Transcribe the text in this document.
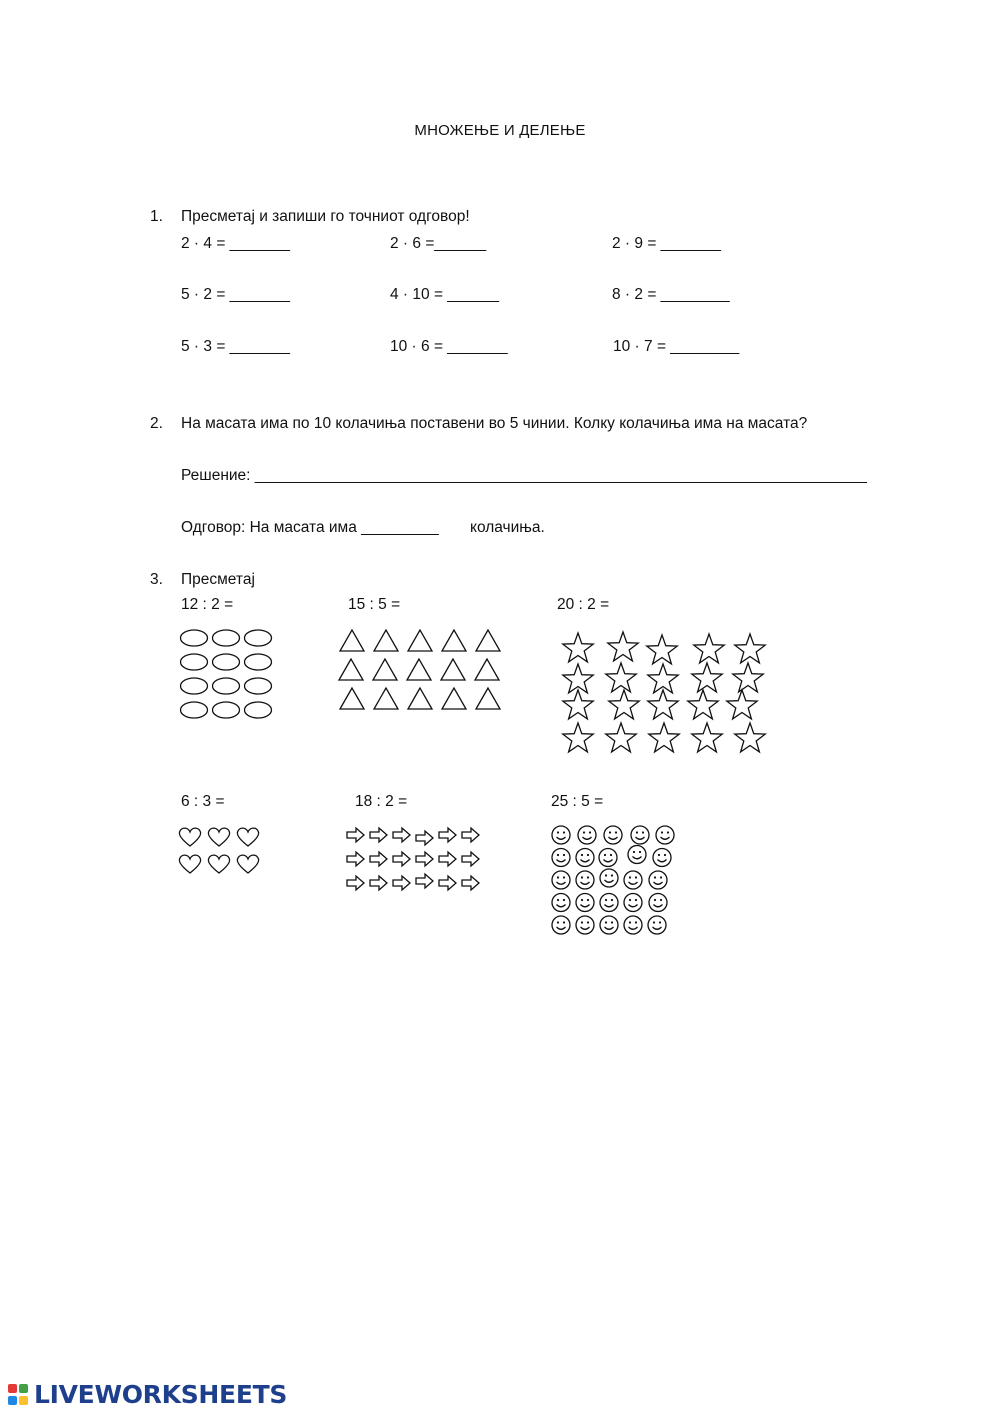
МНОЖЕЊЕ И ДЕЛЕЊЕ
1.	Пресметај и запиши го точниот одговор!
2 · 4 = _______	2 · 6 =______	2 · 9 = _______
5 · 2 = _______	4 · 10 = ______	8 · 2 = ________
5 · 3 = _______	10 · 6 = _______	10 · 7 = ________
2.	На масата има по 10 колачиња поставени во 5 чинии. Колку колачиња има на масата?
Решение: _______________________________________________________________________
Одговор: На масата има _________ колачиња.
3.	Пресметај
12 : 2 =	15 : 5 =	20 : 2 =
6 : 3 =	18 : 2 =	25 : 5 =
LIVEWORKSHEETS
